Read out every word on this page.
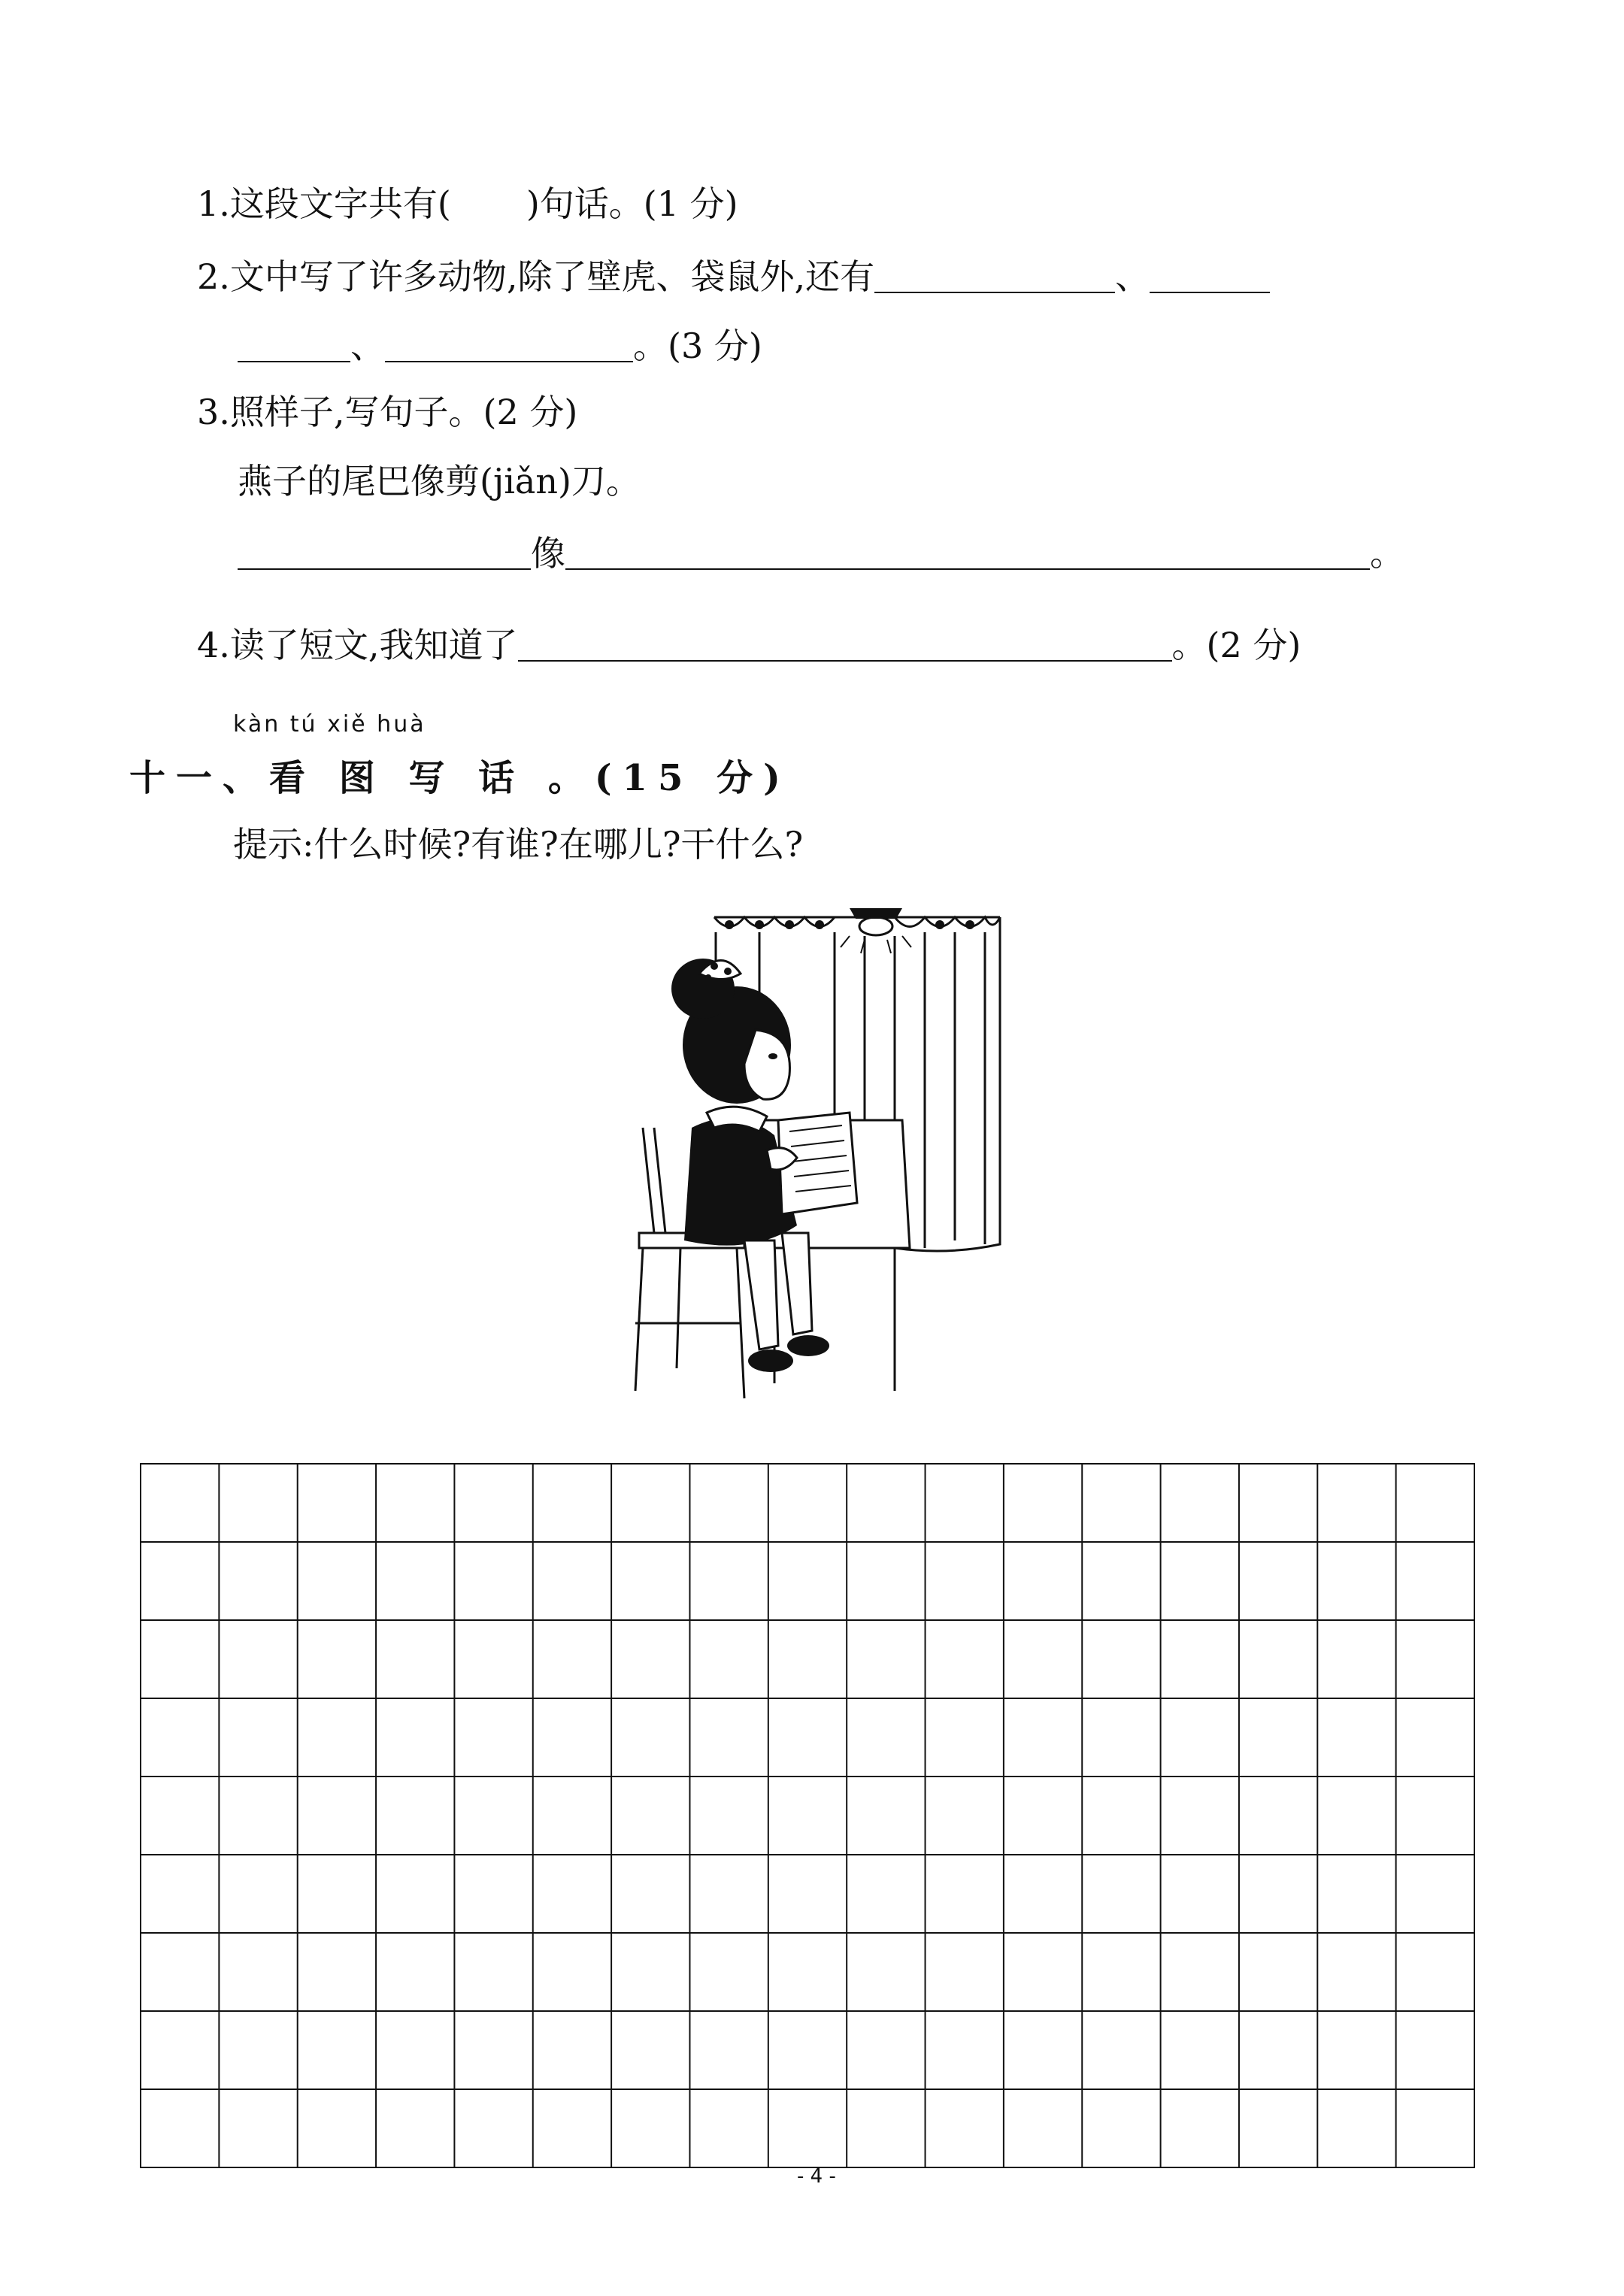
1.这段文字共有( )句话。(1 分)
2.文中写了许多动物,除了壁虎、袋鼠外,还有	、
、	。(3 分)
3.照样子,写句子。(2 分)
燕子的尾巴像剪(jiǎn)刀。
像	。
4.读了短文,我知道了	。(2 分)
kàn tú xiě huà
十一、看 图 写 话 。(15 分)
提示:什么时候?有谁?在哪儿?干什么?
- 4 -
